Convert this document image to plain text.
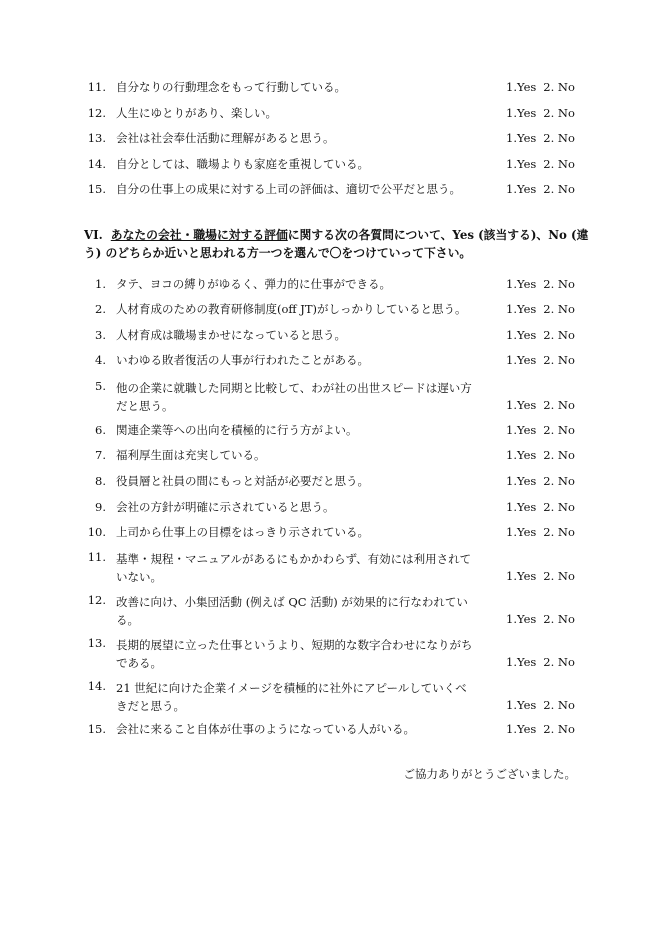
11. 自分なりの行動理念をもって行動している。	1.Yes 2. No
12. 人生にゆとりがあり、楽しい。	1.Yes 2. No
13. 会社は社会奉仕活動に理解があると思う。	1.Yes 2. No
14. 自分としては、職場よりも家庭を重視している。	1.Yes 2. No
15. 自分の仕事上の成果に対する上司の評価は、適切で公平だと思う。	1.Yes 2. No
VI. あなたの会社・職場に対する評価に関する次の各質問について、Yes (該当する)、No (違う) のどちらか近いと思われる方一つを選んで〇をつけていって下さい。
1. タテ、ヨコの縛りがゆるく、弾力的に仕事ができる。	1.Yes 2. No
2. 人材育成のための教育研修制度(off JT)がしっかりしていると思う。	1.Yes 2. No
3. 人材育成は職場まかせになっていると思う。	1.Yes 2. No
4. いわゆる敗者復活の人事が行われたことがある。	1.Yes 2. No
5. 他の企業に就職した同期と比較して、わが社の出世スピードは遅い方
だと思う。	1.Yes 2. No
6. 関連企業等への出向を積極的に行う方がよい。	1.Yes 2. No
7. 福利厚生面は充実している。	1.Yes 2. No
8. 役員層と社員の間にもっと対話が必要だと思う。	1.Yes 2. No
9. 会社の方針が明確に示されていると思う。	1.Yes 2. No
10. 上司から仕事上の目標をはっきり示されている。	1.Yes 2. No
11. 基準・規程・マニュアルがあるにもかかわらず、有効には利用されて
いない。	1.Yes 2. No
12. 改善に向け、小集団活動 (例えば QC 活動) が効果的に行なわれてい
る。	1.Yes 2. No
13. 長期的展望に立った仕事というより、短期的な数字合わせになりがち
である。	1.Yes 2. No
14. 21 世紀に向けた企業イメージを積極的に社外にアピールしていくべ
きだと思う。	1.Yes 2. No
15. 会社に来ること自体が仕事のようになっている人がいる。	1.Yes 2. No
ご協力ありがとうございました。
